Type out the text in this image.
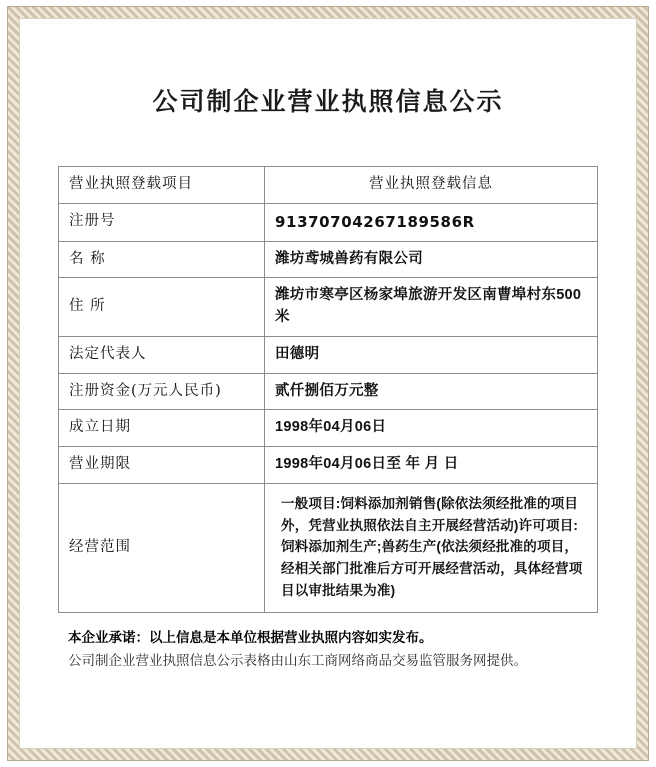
公司制企业营业执照信息公示
营业执照登载项目	营业执照登载信息
注册号	91370704267189586R
名 称	潍坊鸢城兽药有限公司
住 所	潍坊市寒亭区杨家埠旅游开发区南曹埠村东500米
法定代表人	田德明
注册资金(万元人民币)	贰仟捌佰万元整
成立日期	1998年04月06日
营业期限	1998年04月06日至 年 月 日
经营范围	一般项目:饲料添加剂销售(除依法须经批准的项目外，凭营业执照依法自主开展经营活动)许可项目:饲料添加剂生产;兽药生产(依法须经批准的项目，经相关部门批准后方可开展经营活动，具体经营项目以审批结果为准)
本企业承诺：以上信息是本单位根据营业执照内容如实发布。
公司制企业营业执照信息公示表格由山东工商网络商品交易监管服务网提供。
